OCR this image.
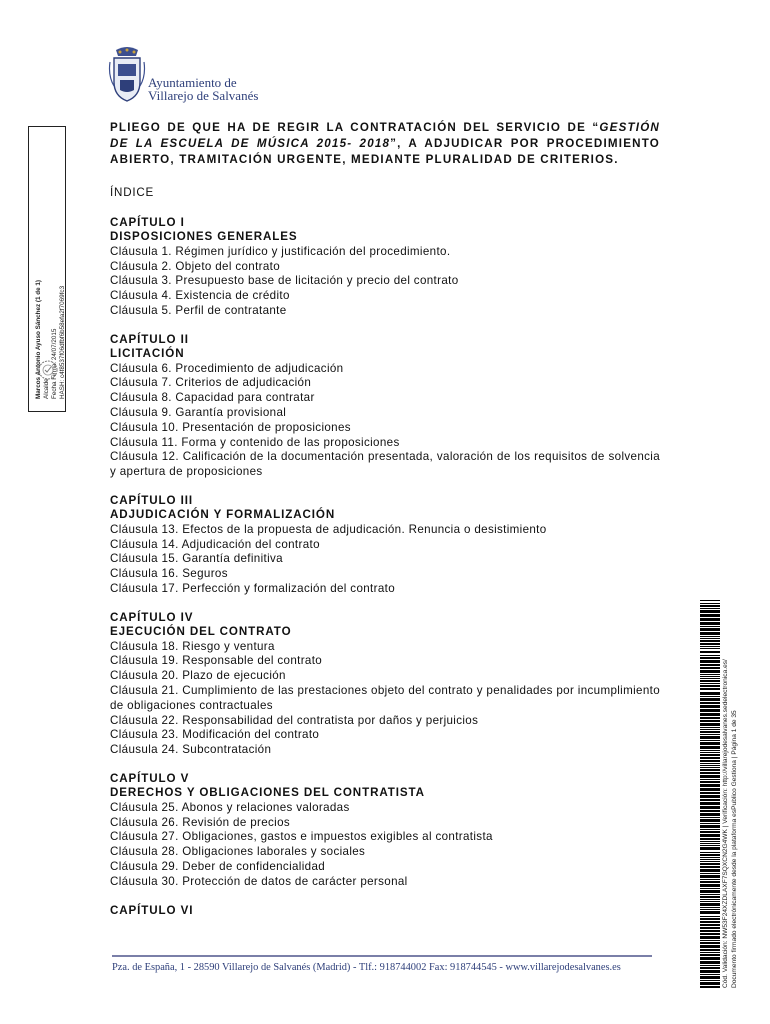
Ayuntamiento de
Villarejo de Salvanés
Marcos Antonio Ayuso Sánchez (1 de 1) Alcalde Fecha Firma: 24/07/2015 HASH: c4f8537f06dfbf6b58efa2f7069fc3

PLIEGO DE QUE HA DE REGIR LA CONTRATACIÓN DEL SERVICIO DE “GESTIÓN DE LA ESCUELA DE MÚSICA 2015- 2018”, A ADJUDICAR POR PROCEDIMIENTO ABIERTO, TRAMITACIÓN URGENTE, MEDIANTE PLURALIDAD DE CRITERIOS.

ÍNDICE
CAPÍTULO I
DISPOSICIONES GENERALES
Cláusula 1. Régimen jurídico y justificación del procedimiento.
Cláusula 2. Objeto del contrato
Cláusula 3. Presupuesto base de licitación y precio del contrato
Cláusula 4. Existencia de crédito
Cláusula 5. Perfil de contratante
CAPÍTULO II
LICITACIÓN
Cláusula 6. Procedimiento de adjudicación
Cláusula 7. Criterios de adjudicación
Cláusula 8. Capacidad para contratar
Cláusula 9. Garantía provisional
Cláusula 10. Presentación de proposiciones
Cláusula 11. Forma y contenido de las proposiciones
Cláusula 12. Calificación de la documentación presentada, valoración de los requisitos de solvencia y apertura de proposiciones
CAPÍTULO III
ADJUDICACIÓN Y FORMALIZACIÓN
Cláusula 13. Efectos de la propuesta de adjudicación. Renuncia o desistimiento
Cláusula 14. Adjudicación del contrato
Cláusula 15. Garantía definitiva
Cláusula 16. Seguros
Cláusula 17. Perfección y formalización del contrato
CAPÍTULO IV
EJECUCIÓN DEL CONTRATO
Cláusula 18. Riesgo y ventura
Cláusula 19. Responsable del contrato
Cláusula 20. Plazo de ejecución
Cláusula 21. Cumplimiento de las prestaciones objeto del contrato y penalidades por incumplimiento de obligaciones contractuales
Cláusula 22. Responsabilidad del contratista por daños y perjuicios
Cláusula 23. Modificación del contrato
Cláusula 24. Subcontratación
CAPÍTULO V
DERECHOS Y OBLIGACIONES DEL CONTRATISTA
Cláusula 25. Abonos y relaciones valoradas
Cláusula 26. Revisión de precios
Cláusula 27. Obligaciones, gastos e impuestos exigibles al contratista
Cláusula 28. Obligaciones laborales y sociales
Cláusula 29. Deber de confidencialidad
Cláusula 30. Protección de datos de carácter personal
CAPÍTULO VI	Cód. Validación: NW53F24XZDLAXF7SQXCN2G4WK | Verificación: http://villarejodesalvanes.sedelectronica.es/ Documento firmado electrónicamente desde la plataforma esPublico Gestiona | Página 1 de 35
Pza. de España, 1 - 28590 Villarejo de Salvanés (Madrid) - Tlf.: 918744002 Fax: 918744545 - www.villarejodesalvanes.es
